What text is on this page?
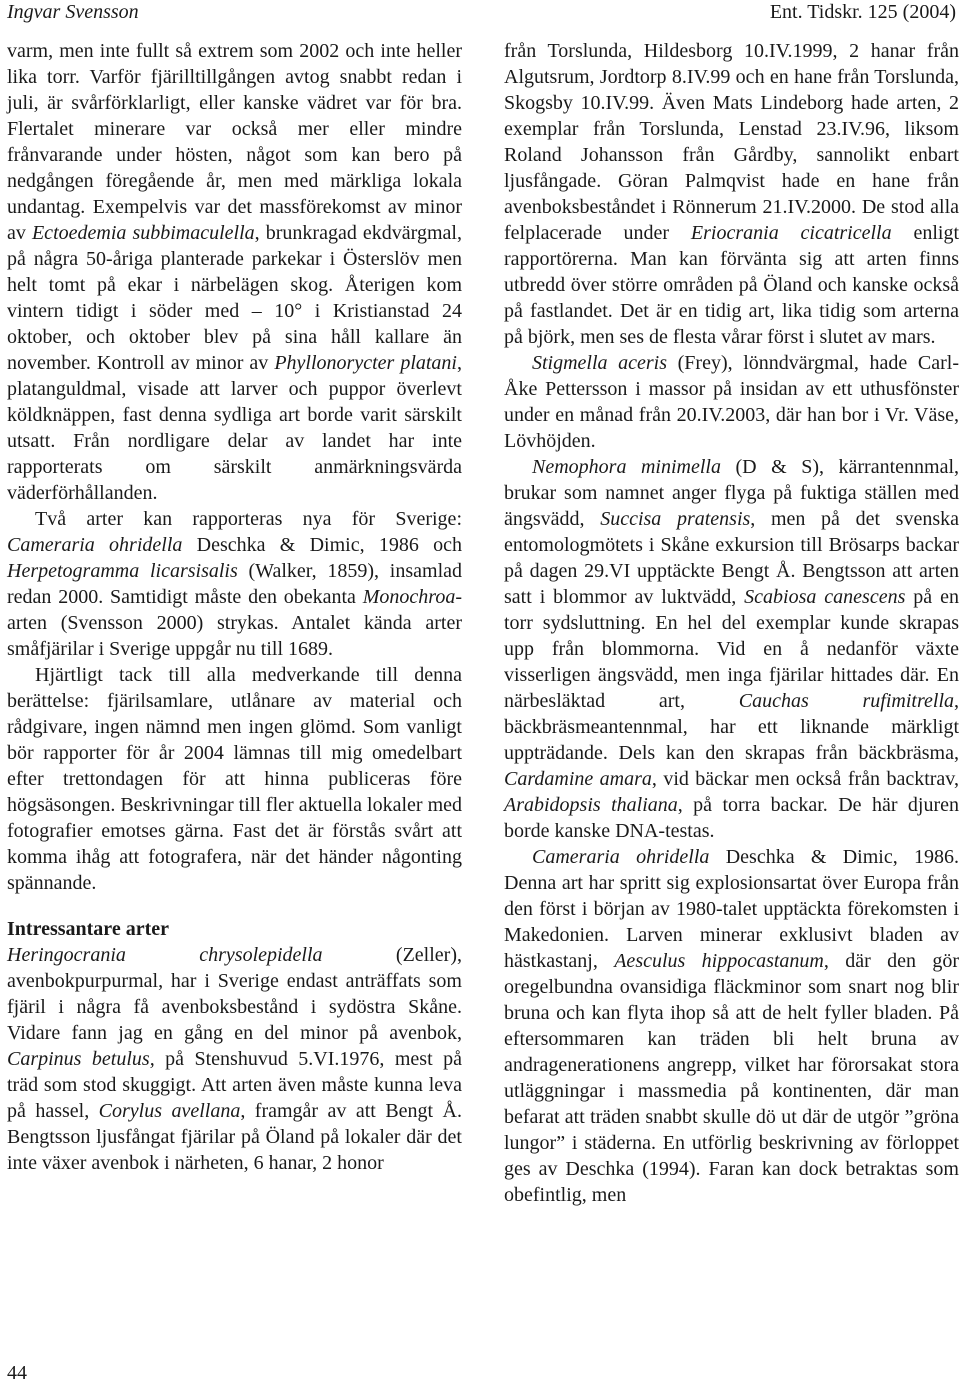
Ingvar Svensson	Ent. Tidskr. 125 (2004)

varm, men inte fullt så extrem som 2002 och inte heller lika torr. Varför fjärilltillgången avtog snabbt redan i juli, är svårförklarligt, eller kanske vädret var för bra. Flertalet minerare var också mer eller mindre frånvarande under hösten, något som kan bero på nedgången föregående år, men med märkliga lokala undantag. Exempelvis var det massförekomst av minor av Ectoedemia subbimaculella, brunkragad ekdvärgmal, på några 50-åriga planterade parkekar i Österslöv men helt tomt på ekar i närbelägen skog. Återigen kom vintern tidigt i söder med – 10° i Kristianstad 24 oktober, och oktober blev på sina håll kallare än november. Kontroll av minor av Phyllonorycter platani, platanguldmal, visade att larver och puppor överlevt köldknäppen, fast denna sydliga art borde varit särskilt utsatt. Från nordligare delar av landet har inte rapporterats om särskilt anmärkningsvärda väderförhållanden.

Två arter kan rapporteras nya för Sverige: Cameraria ohridella Deschka & Dimic, 1986 och Herpetogramma licarsisalis (Walker, 1859), insamlad redan 2000. Samtidigt måste den obekanta Monochroa-arten (Svensson 2000) strykas. Antalet kända arter småfjärilar i Sverige uppgår nu till 1689.

Hjärtligt tack till alla medverkande till denna berättelse: fjärilsamlare, utlånare av material och rådgivare, ingen nämnd men ingen glömd. Som vanligt bör rapporter för år 2004 lämnas till mig omedelbart efter trettondagen för att hinna publiceras före högsäsongen. Beskrivningar till fler aktuella lokaler med fotografier emotses gärna. Fast det är förstås svårt att komma ihåg att fotografera, när det händer någonting spännande.

Intressantare arter

Heringocrania chrysolepidella (Zeller), avenbokpurpurmal, har i Sverige endast anträffats som fjäril i några få avenboksbestånd i sydöstra Skåne. Vidare fann jag en gång en del minor på avenbok, Carpinus betulus, på Stenshuvud 5.VI.1976, mest på träd som stod skuggigt. Att arten även måste kunna leva på hassel, Corylus avellana, framgår av att Bengt Å. Bengtsson ljusfångat fjärilar på Öland på lokaler där det inte växer avenbok i närheten, 6 hanar, 2 honor

från Torslunda, Hildesborg 10.IV.1999, 2 hanar från Algutsrum, Jordtorp 8.IV.99 och en hane från Torslunda, Skogsby 10.IV.99. Även Mats Lindeborg hade arten, 2 exemplar från Torslunda, Lenstad 23.IV.96, liksom Roland Johansson från Gårdby, sannolikt enbart ljusfångade. Göran Palmqvist hade en hane från avenboksbeståndet i Rönnerum 21.IV.2000. De stod alla felplacerade under Eriocrania cicatricella enligt rapportörerna. Man kan förvänta sig att arten finns utbredd över större områden på Öland och kanske också på fastlandet. Det är en tidig art, lika tidig som arterna på björk, men ses de flesta vårar först i slutet av mars.

Stigmella aceris (Frey), lönndvärgmal, hade Carl-Åke Pettersson i massor på insidan av ett uthusfönster under en månad från 20.IV.2003, där han bor i Vr. Väse, Lövhöjden.

Nemophora minimella (D & S), kärrantennmal, brukar som namnet anger flyga på fuktiga ställen med ängsvädd, Succisa pratensis, men på det svenska entomologmötets i Skåne exkursion till Brösarps backar på dagen 29.VI upptäckte Bengt Å. Bengtsson att arten satt i blommor av luktvädd, Scabiosa canescens på en torr sydsluttning. En hel del exemplar kunde skrapas upp från blommorna. Vid en å nedanför växte visserligen ängsvädd, men inga fjärilar hittades där. En närbesläktad art, Cauchas rufimitrella, bäckbräsmeantennmal, har ett liknande märkligt uppträdande. Dels kan den skrapas från bäckbräsma, Cardamine amara, vid bäckar men också från backtrav, Arabidopsis thaliana, på torra backar. De här djuren borde kanske DNA-testas.

Cameraria ohridella Deschka & Dimic, 1986. Denna art har spritt sig explosionsartat över Europa från den först i början av 1980-talet upptäckta förekomsten i Makedonien. Larven minerar exklusivt bladen av hästkastanj, Aesculus hippocastanum, där den gör oregelbundna ovansidiga fläckminor som snart nog blir bruna och kan flyta ihop så att de helt fyller bladen. På eftersommaren kan träden bli helt bruna av andragenerationens angrepp, vilket har förorsakat stora utläggningar i massmedia på kontinenten, där man befarat att träden snabbt skulle dö ut där de utgör ”gröna lungor” i städerna. En utförlig beskrivning av förloppet ges av Deschka (1994). Faran kan dock betraktas som obefintlig, men

44
